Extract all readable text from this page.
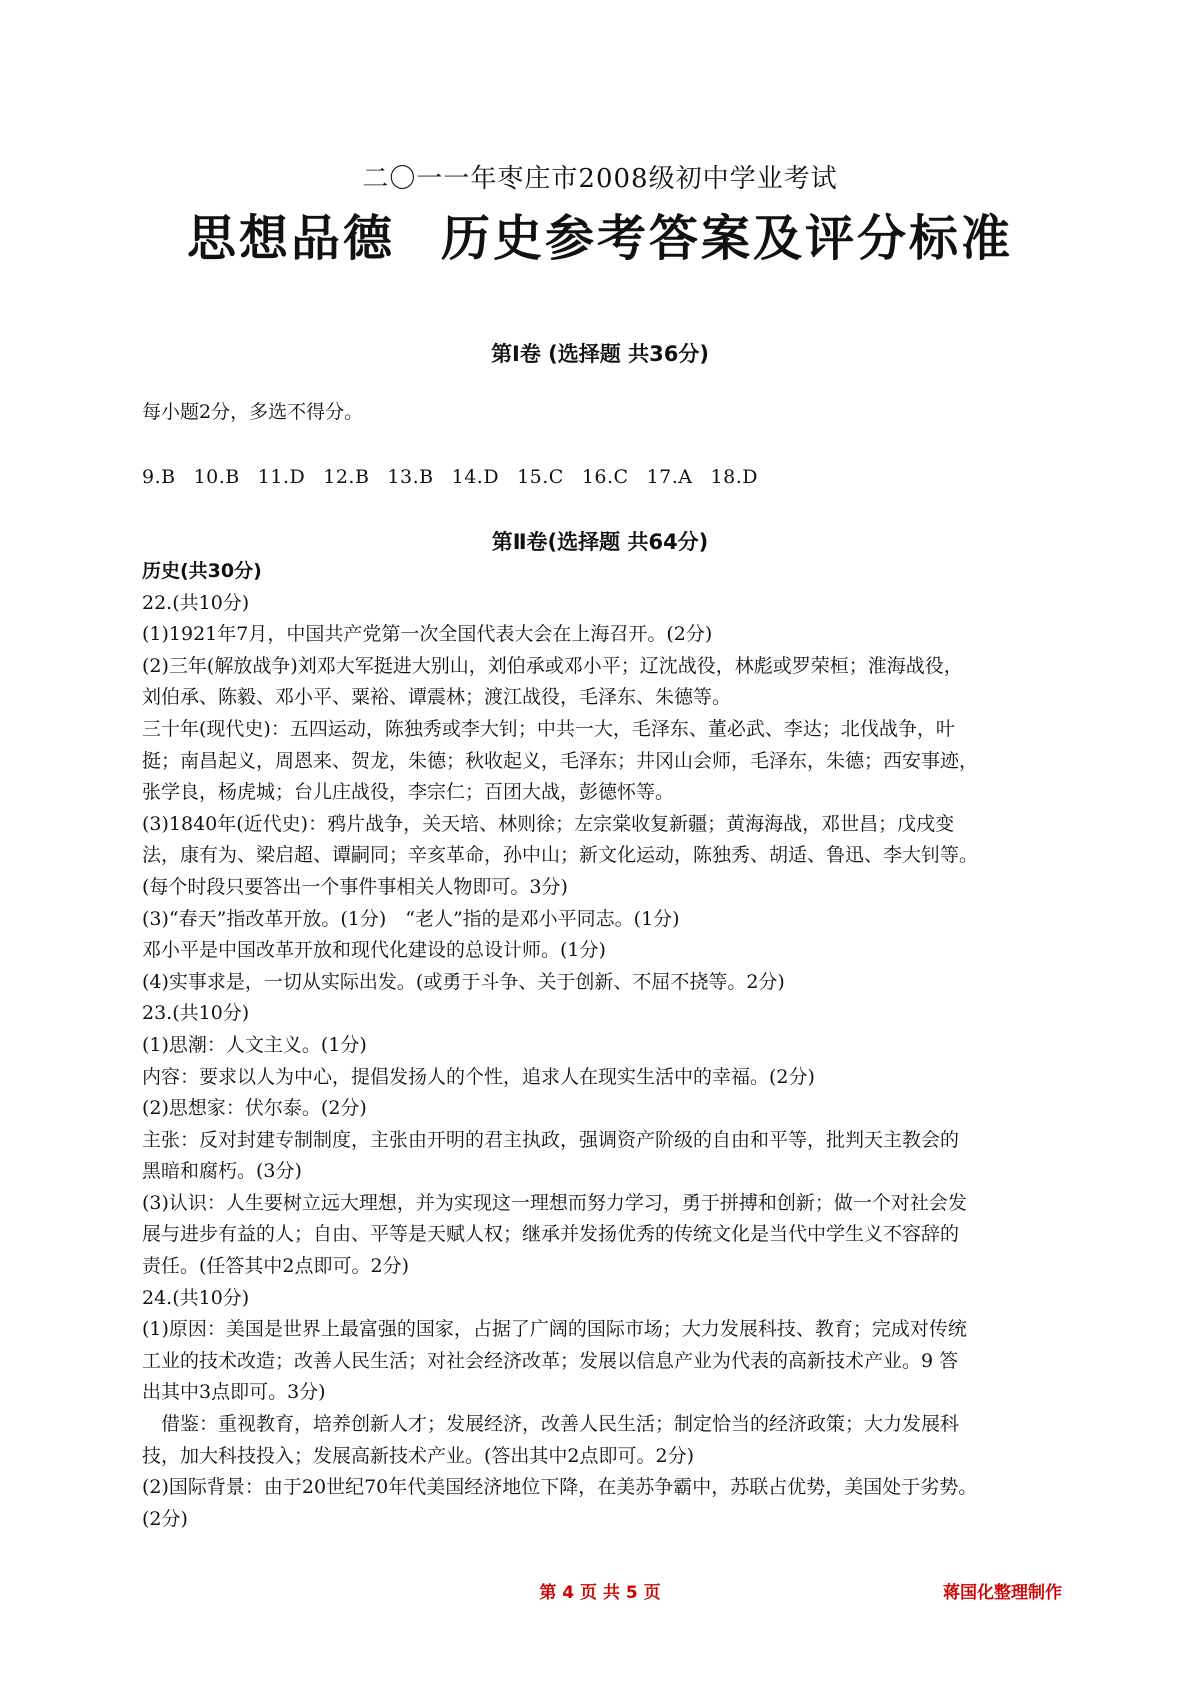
二〇一一年枣庄市2008级初中学业考试
思想品德 历史参考答案及评分标准
第Ⅰ卷 (选择题 共36分)
每小题2分，多选不得分。
9.B 10.B 11.D 12.B 13.B 14.D 15.C 16.C 17.A 18.D
第Ⅱ卷(选择题 共64分)

历史(共30分)

22.(共10分)

(1)1921年7月，中国共产党第一次全国代表大会在上海召开。(2分)

(2)三年(解放战争)刘邓大军挺进大别山，刘伯承或邓小平；辽沈战役，林彪或罗荣桓；淮海战役，

刘伯承、陈毅、邓小平、粟裕、谭震林；渡江战役，毛泽东、朱德等。

三十年(现代史)：五四运动，陈独秀或李大钊；中共一大，毛泽东、董必武、李达；北伐战争，叶

挺；南昌起义，周恩来、贺龙，朱德；秋收起义，毛泽东；井冈山会师，毛泽东，朱德；西安事迹，

张学良，杨虎城；台儿庄战役，李宗仁；百团大战，彭德怀等。

(3)1840年(近代史)：鸦片战争，关天培、林则徐；左宗棠收复新疆；黄海海战，邓世昌；戊戌变

法，康有为、梁启超、谭嗣同；辛亥革命，孙中山；新文化运动，陈独秀、胡适、鲁迅、李大钊等。

(每个时段只要答出一个事件事相关人物即可。3分)

(3)“春天”指改革开放。(1分)　“老人”指的是邓小平同志。(1分)

邓小平是中国改革开放和现代化建设的总设计师。(1分)

(4)实事求是，一切从实际出发。(或勇于斗争、关于创新、不屈不挠等。2分)

23.(共10分)

(1)思潮：人文主义。(1分)

内容：要求以人为中心，提倡发扬人的个性，追求人在现实生活中的幸福。(2分)

(2)思想家：伏尔泰。(2分)

主张：反对封建专制制度，主张由开明的君主执政，强调资产阶级的自由和平等，批判天主教会的

黑暗和腐朽。(3分)

(3)认识：人生要树立远大理想，并为实现这一理想而努力学习，勇于拼搏和创新；做一个对社会发

展与进步有益的人；自由、平等是天赋人权；继承并发扬优秀的传统文化是当代中学生义不容辞的

责任。(任答其中2点即可。2分)

24.(共10分)

(1)原因：美国是世界上最富强的国家，占据了广阔的国际市场；大力发展科技、教育；完成对传统

工业的技术改造；改善人民生活；对社会经济改革；发展以信息产业为代表的高新技术产业。9 答

出其中3点即可。3分)

借鉴：重视教育，培养创新人才；发展经济，改善人民生活；制定恰当的经济政策；大力发展科

技，加大科技投入；发展高新技术产业。(答出其中2点即可。2分)

(2)国际背景：由于20世纪70年代美国经济地位下降，在美苏争霸中，苏联占优势，美国处于劣势。

(2分)

第 4 页 共 5 页	蒋国化整理制作
